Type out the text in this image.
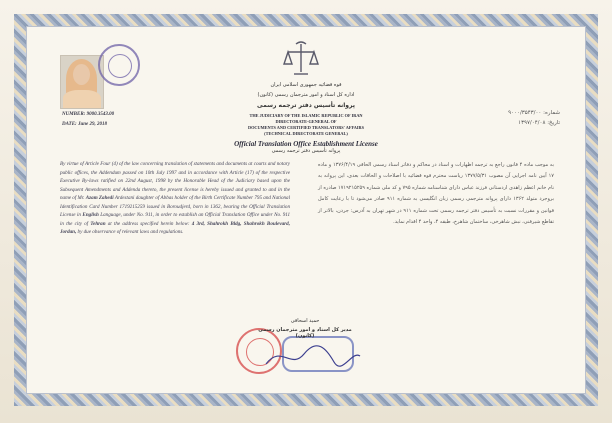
NUMBER: 9000.3543.00
DATE: June 29, 2018
شماره: ۹۰۰۰/۳۵۴۳/۰۰
تاریخ: ۱۳۹۷/۰۴/۰۸
قوه قضائیه جمهوری اسلامی ایران
اداره کل اسناد و امور مترجمان رسمی (کانون)
پروانه تأسیس دفتر ترجمه رسمی
THE JUDICIARY OF THE ISLAMIC REPUBLIC OF IRAN
DIRECTORATE-GENERAL OF
DOCUMENTS AND CERTIFIED TRANSLATORS' AFFAIRS
(TECHNICAL DIRECTORATE GENERAL)
Official Translation Office Establishment License
پروانه تأسیس دفتر ترجمه رسمی
By virtue of Article Four (4) of the law concerning translation of statements and documents at courts and notary public offices, the Addendum passed on 10th July 1997 and in accordance with Article (17) of the respective Executive By-laws ratified on 22nd August, 1998 by the Honorable Head of the Judiciary based upon the Subsequent Amendments and Addenda thereto, the present license is hereby issued and granted to and in the name of Mr. Azam Zahedi Ardestani daughter of Abbas holder of the Birth Certificate Number 795 and National Identification Card Number 1719215259 issued in Boroudjerd, born in 1362, bearing the Official Translation License in English Language, under No. 911, in order to establish an Official Translation Office under No. 911 in the city of Tehran at the address specified herein below: 4 3rd, Shahrokh Bldg, Shahrokh Boulevard, Jordan, by due observance of relevant laws and regulations.
به موجب ماده ۴ قانون راجع به ترجمه اظهارات و اسناد در محاکم و دفاتر اسناد رسمی الحاقی ۱۳۷۶/۴/۱۹ و ماده ۱۷ آیین نامه اجرایی آن مصوب ۱۳۷۷/۵/۳۱ ریاست محترم قوه قضائیه با اصلاحات و الحاقات بعدی، این پروانه به نام خانم اعظم زاهدی اردستانی فرزند عباس دارای شناسنامه شماره ۷۹۵ و کد ملی شماره ۱۷۱۹۲۱۵۲۵۹ صادره از بروجرد متولد ۱۳۶۲ دارای پروانه مترجمی رسمی زبان انگلیسی به شماره ۹۱۱ صادر می‌شود تا با رعایت کامل قوانین و مقررات نسبت به تأسیس دفتر ترجمه رسمی تحت شماره ۹۱۱ در شهر تهران به آدرس: جردن، بالاتر از تقاطع شیرفنی، نبش شاهرخی، ساختمان شاهرخ، طبقه ۴، واحد ۴ اقدام نماید.
حمید اسحاقی
مدیر کل اسناد و امور مترجمان رسمی (کانون)
